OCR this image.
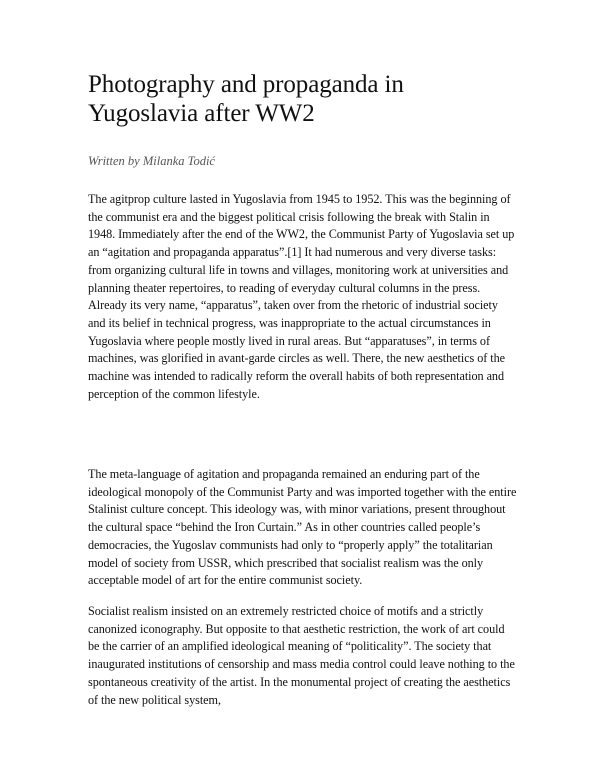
Photography and propaganda in Yugoslavia after WW2

Written by Milanka Todić

The agitprop culture lasted in Yugoslavia from 1945 to 1952. This was the beginning of the communist era and the biggest political crisis following the break with Stalin in 1948. Immediately after the end of the WW2, the Communist Party of Yugoslavia set up an “agitation and propaganda apparatus”.[1] It had numerous and very diverse tasks: from organizing cultural life in towns and villages, monitoring work at universities and planning theater repertoires, to reading of everyday cultural columns in the press. Already its very name, “apparatus”, taken over from the rhetoric of industrial society and its belief in technical progress, was inappropriate to the actual circumstances in Yugoslavia where people mostly lived in rural areas. But “apparatuses”, in terms of machines, was glorified in avant-garde circles as well. There, the new aesthetics of the machine was intended to radically reform the overall habits of both representation and perception of the common lifestyle.

The meta-language of agitation and propaganda remained an enduring part of the ideological monopoly of the Communist Party and was imported together with the entire Stalinist culture concept. This ideology was, with minor variations, present throughout the cultural space “behind the Iron Curtain.” As in other countries called people’s democracies, the Yugoslav communists had only to “properly apply” the totalitarian model of society from USSR, which prescribed that socialist realism was the only acceptable model of art for the entire communist society.

Socialist realism insisted on an extremely restricted choice of motifs and a strictly canonized iconography. But opposite to that aesthetic restriction, the work of art could be the carrier of an amplified ideological meaning of “politicality”. The society that inaugurated institutions of censorship and mass media control could leave nothing to the spontaneous creativity of the artist. In the monumental project of creating the aesthetics of the new political system,
